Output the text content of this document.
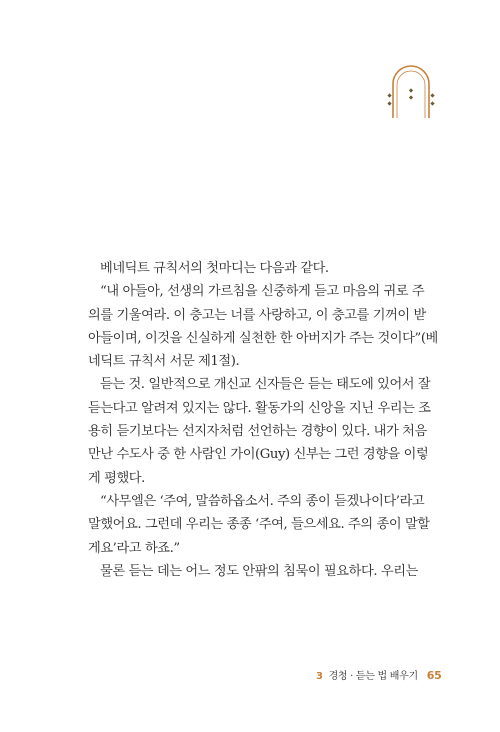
베네딕트 규칙서의 첫마디는 다음과 같다.
“내 아들아, 선생의 가르침을 신중하게 듣고 마음의 귀로 주
의를 기울여라. 이 충고는 너를 사랑하고, 이 충고를 기꺼이 받
아들이며, 이것을 신실하게 실천한 한 아버지가 주는 것이다”(베
네딕트 규칙서 서문 제1절).
듣는 것. 일반적으로 개신교 신자들은 듣는 태도에 있어서 잘
듣는다고 알려져 있지는 않다. 활동가의 신앙을 지닌 우리는 조
용히 듣기보다는 선지자처럼 선언하는 경향이 있다. 내가 처음
만난 수도사 중 한 사람인 가이(Guy) 신부는 그런 경향을 이렇
게 평했다.
“사무엘은 ‘주여, 말씀하옵소서. 주의 종이 듣겠나이다’라고
말했어요. 그런데 우리는 종종 ‘주여, 들으세요. 주의 종이 말할
게요’라고 하죠.”
물론 듣는 데는 어느 정도 안팎의 침묵이 필요하다. 우리는
3 경청 · 듣는 법 배우기 65
